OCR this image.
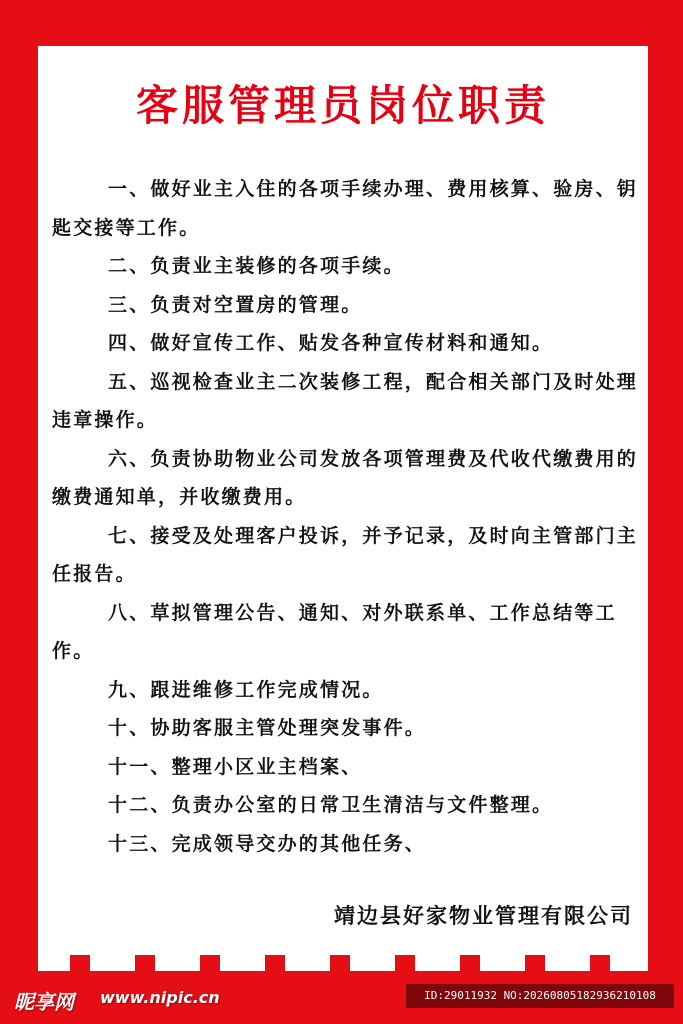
客服管理员岗位职责
一、做好业主入住的各项手续办理、费用核算、验房、钥匙交接等工作。
二、负责业主装修的各项手续。
三、负责对空置房的管理。
四、做好宣传工作、贴发各种宣传材料和通知。
五、巡视检查业主二次装修工程，配合相关部门及时处理违章操作。
六、负责协助物业公司发放各项管理费及代收代缴费用的缴费通知单，并收缴费用。
七、接受及处理客户投诉，并予记录，及时向主管部门主任报告。
八、草拟管理公告、通知、对外联系单、工作总结等工作。
九、跟进维修工作完成情况。
十、协助客服主管处理突发事件。
十一、整理小区业主档案、
十二、负责办公室的日常卫生清洁与文件整理。
十三、完成领导交办的其他任务、
靖边县好家物业管理有限公司
昵享网 www.nipic.cn	ID:29011932 NO:20260805182936210108
